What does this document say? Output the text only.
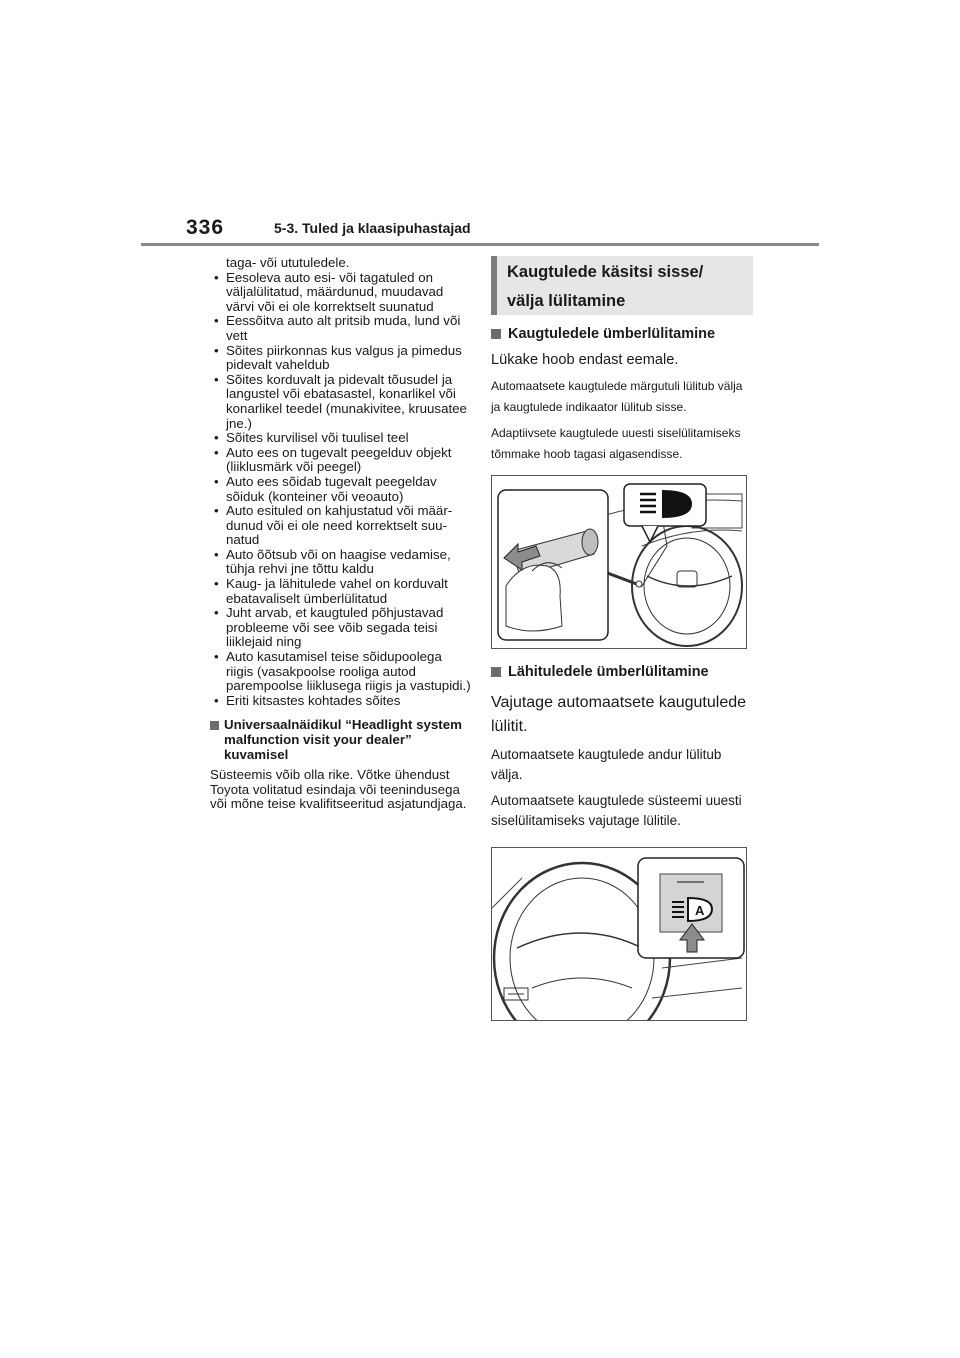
336	5-3. Tuled ja klaasipuhastajad
taga- või ututuledele.
• Eesoleva auto esi- või tagatuled on väljalülitatud, määrdunud, muudavad värvi või ei ole korrektselt suunatud
• Eessõitva auto alt pritsib muda, lund või vett
• Sõites piirkonnas kus valgus ja pimedus pidevalt vaheldub
• Sõites korduvalt ja pidevalt tõusudel ja langustel või ebatasastel, konarlikel või konarlikel teedel (munakivitee, kruusatee jne.)
• Sõites kurvilisel või tuulisel teel
• Auto ees on tugevalt peegelduv objekt (liiklusmärk või peegel)
• Auto ees sõidab tugevalt peegeldav sõiduk (konteiner või veoauto)
• Auto esituled on kahjustatud või määrdunud või ei ole need korrektselt suunatud
• Auto õõtsub või on haagise vedamise, tühja rehvi jne tõttu kaldu
• Kaug- ja lähitulede vahel on korduvalt ebatavaliselt ümberlülitatud
• Juht arvab, et kaugtuled põhjustavad probleeme või see võib segada teisi liiklejaid ning
• Auto kasutamisel teise sõidupoolega riigis (vasakpoolse rooliga autod parempoolse liiklusega riigis ja vastupidi.)
• Eriti kitsastes kohtades sõites
Universaalnäidikul “Headlight system malfunction visit your dealer” kuvamisel
Süsteemis võib olla rike. Võtke ühendust Toyota volitatud esindaja või teenindusega või mõne teise kvalifitseeritud asjatundjaga.
Kaugtulede käsitsi sisse/ välja lülitamine
Kaugtuledele ümberlülitamine
Lükake hoob endast eemale.
Automaatsete kaugtulede märgutuli lülitub välja ja kaugtulede indikaator lülitub sisse.
Adaptiivsete kaugtulede uuesti siselülitamiseks tõmmake hoob tagasi algasendisse.
Lähituledele ümberlülitamine
Vajutage automaatsete kaugutulede lülitit.
Automaatsete kaugtulede andur lülitub välja.
Automaatsete kaugtulede süsteemi uuesti siselülitamiseks vajutage lülitile.
A
